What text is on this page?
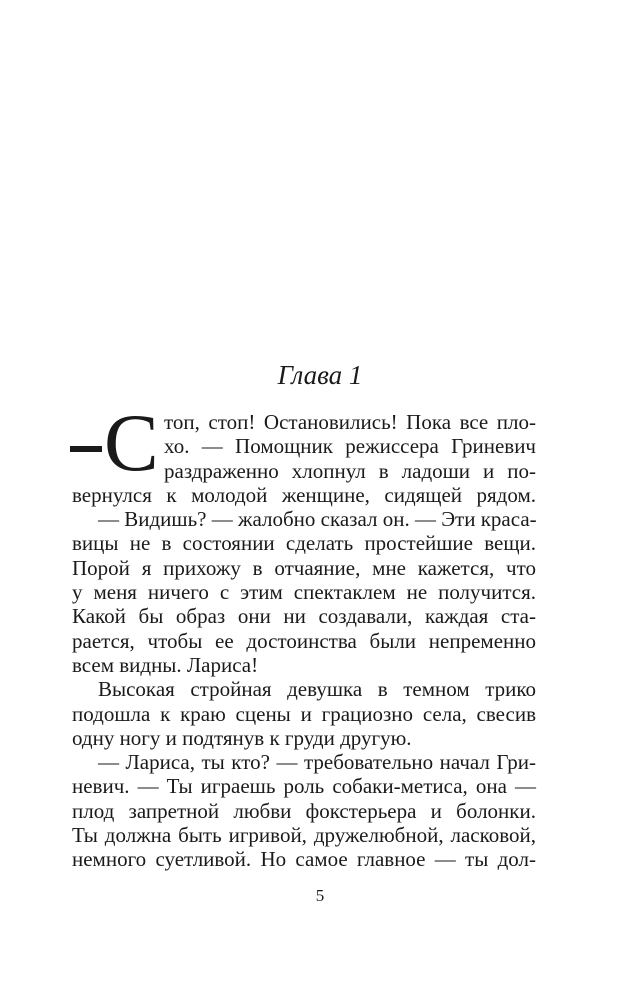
Глава 1
С топ, стоп! Остановились! Пока все пло-
хо. — Помощник режиссера Гриневич
раздраженно хлопнул в ладоши и по-
вернулся к молодой женщине, сидящей рядом.
— Видишь? — жалобно сказал он. — Эти краса-
вицы не в состоянии сделать простейшие вещи.
Порой я прихожу в отчаяние, мне кажется, что
у меня ничего с этим спектаклем не получится.
Какой бы образ они ни создавали, каждая ста-
рается, чтобы ее достоинства были непременно
всем видны. Лариса!
Высокая стройная девушка в темном трико
подошла к краю сцены и грациозно села, свесив
одну ногу и подтянув к груди другую.
— Лариса, ты кто? — требовательно начал Гри-
невич. — Ты играешь роль собаки-метиса, она —
плод запретной любви фокстерьера и болонки.
Ты должна быть игривой, дружелюбной, ласковой,
немного суетливой. Но самое главное — ты дол-
5
